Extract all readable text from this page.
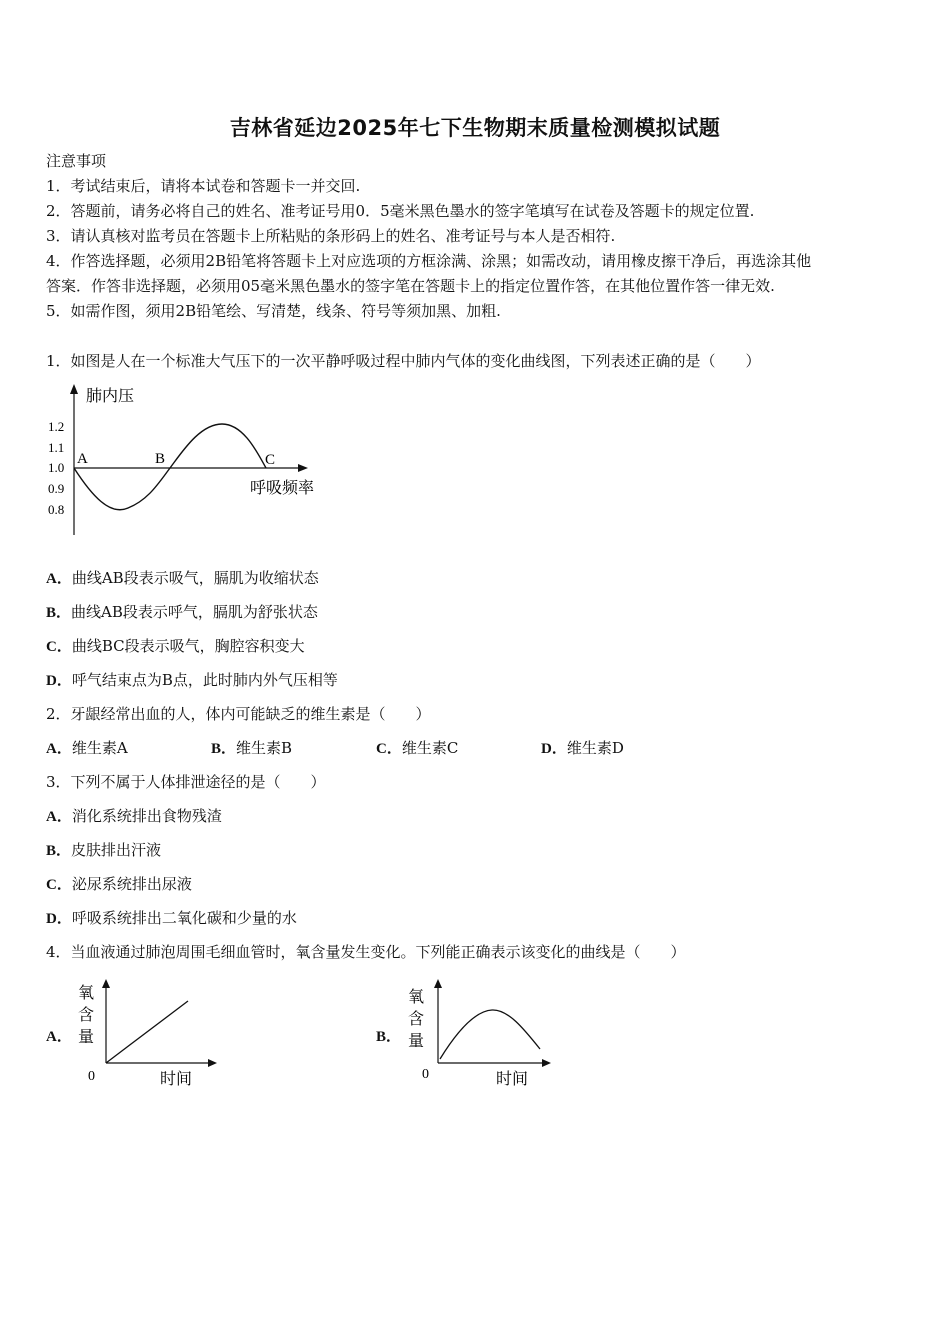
吉林省延边2025年七下生物期末质量检测模拟试题
注意事项
1．考试结束后，请将本试卷和答题卡一并交回.
2．答题前，请务必将自己的姓名、准考证号用0．5毫米黑色墨水的签字笔填写在试卷及答题卡的规定位置.
3．请认真核对监考员在答题卡上所粘贴的条形码上的姓名、准考证号与本人是否相符.
4．作答选择题，必须用2B铅笔将答题卡上对应选项的方框涂满、涂黑；如需改动，请用橡皮擦干净后，再选涂其他
答案．作答非选择题，必须用05毫米黑色墨水的签字笔在答题卡上的指定位置作答，在其他位置作答一律无效.
5．如需作图，须用2B铅笔绘、写清楚，线条、符号等须加黑、加粗.
1．如图是人在一个标准大气压下的一次平静呼吸过程中肺内气体的变化曲线图，下列表述正确的是（　　）
肺内压
呼吸频率
1.2
1.1
1.0
0.9
0.8
A	B	C
A．曲线AB段表示吸气，膈肌为收缩状态
B．曲线AB段表示呼气，膈肌为舒张状态
C．曲线BC段表示吸气，胸腔容积变大
D．呼气结束点为B点，此时肺内外气压相等
2．牙龈经常出血的人，体内可能缺乏的维生素是（　　）
A．维生素A	B．维生素B	C．维生素C	D．维生素D
3．下列不属于人体排泄途径的是（　　）
A．消化系统排出食物残渣
B．皮肤排出汗液
C．泌尿系统排出尿液
D．呼吸系统排出二氧化碳和少量的水
4．当血液通过肺泡周围毛细血管时，氧含量发生变化。下列能正确表示该变化的曲线是（　　）
A．
氧
含
量
0	时间
B．
氧
含
量
0	时间
